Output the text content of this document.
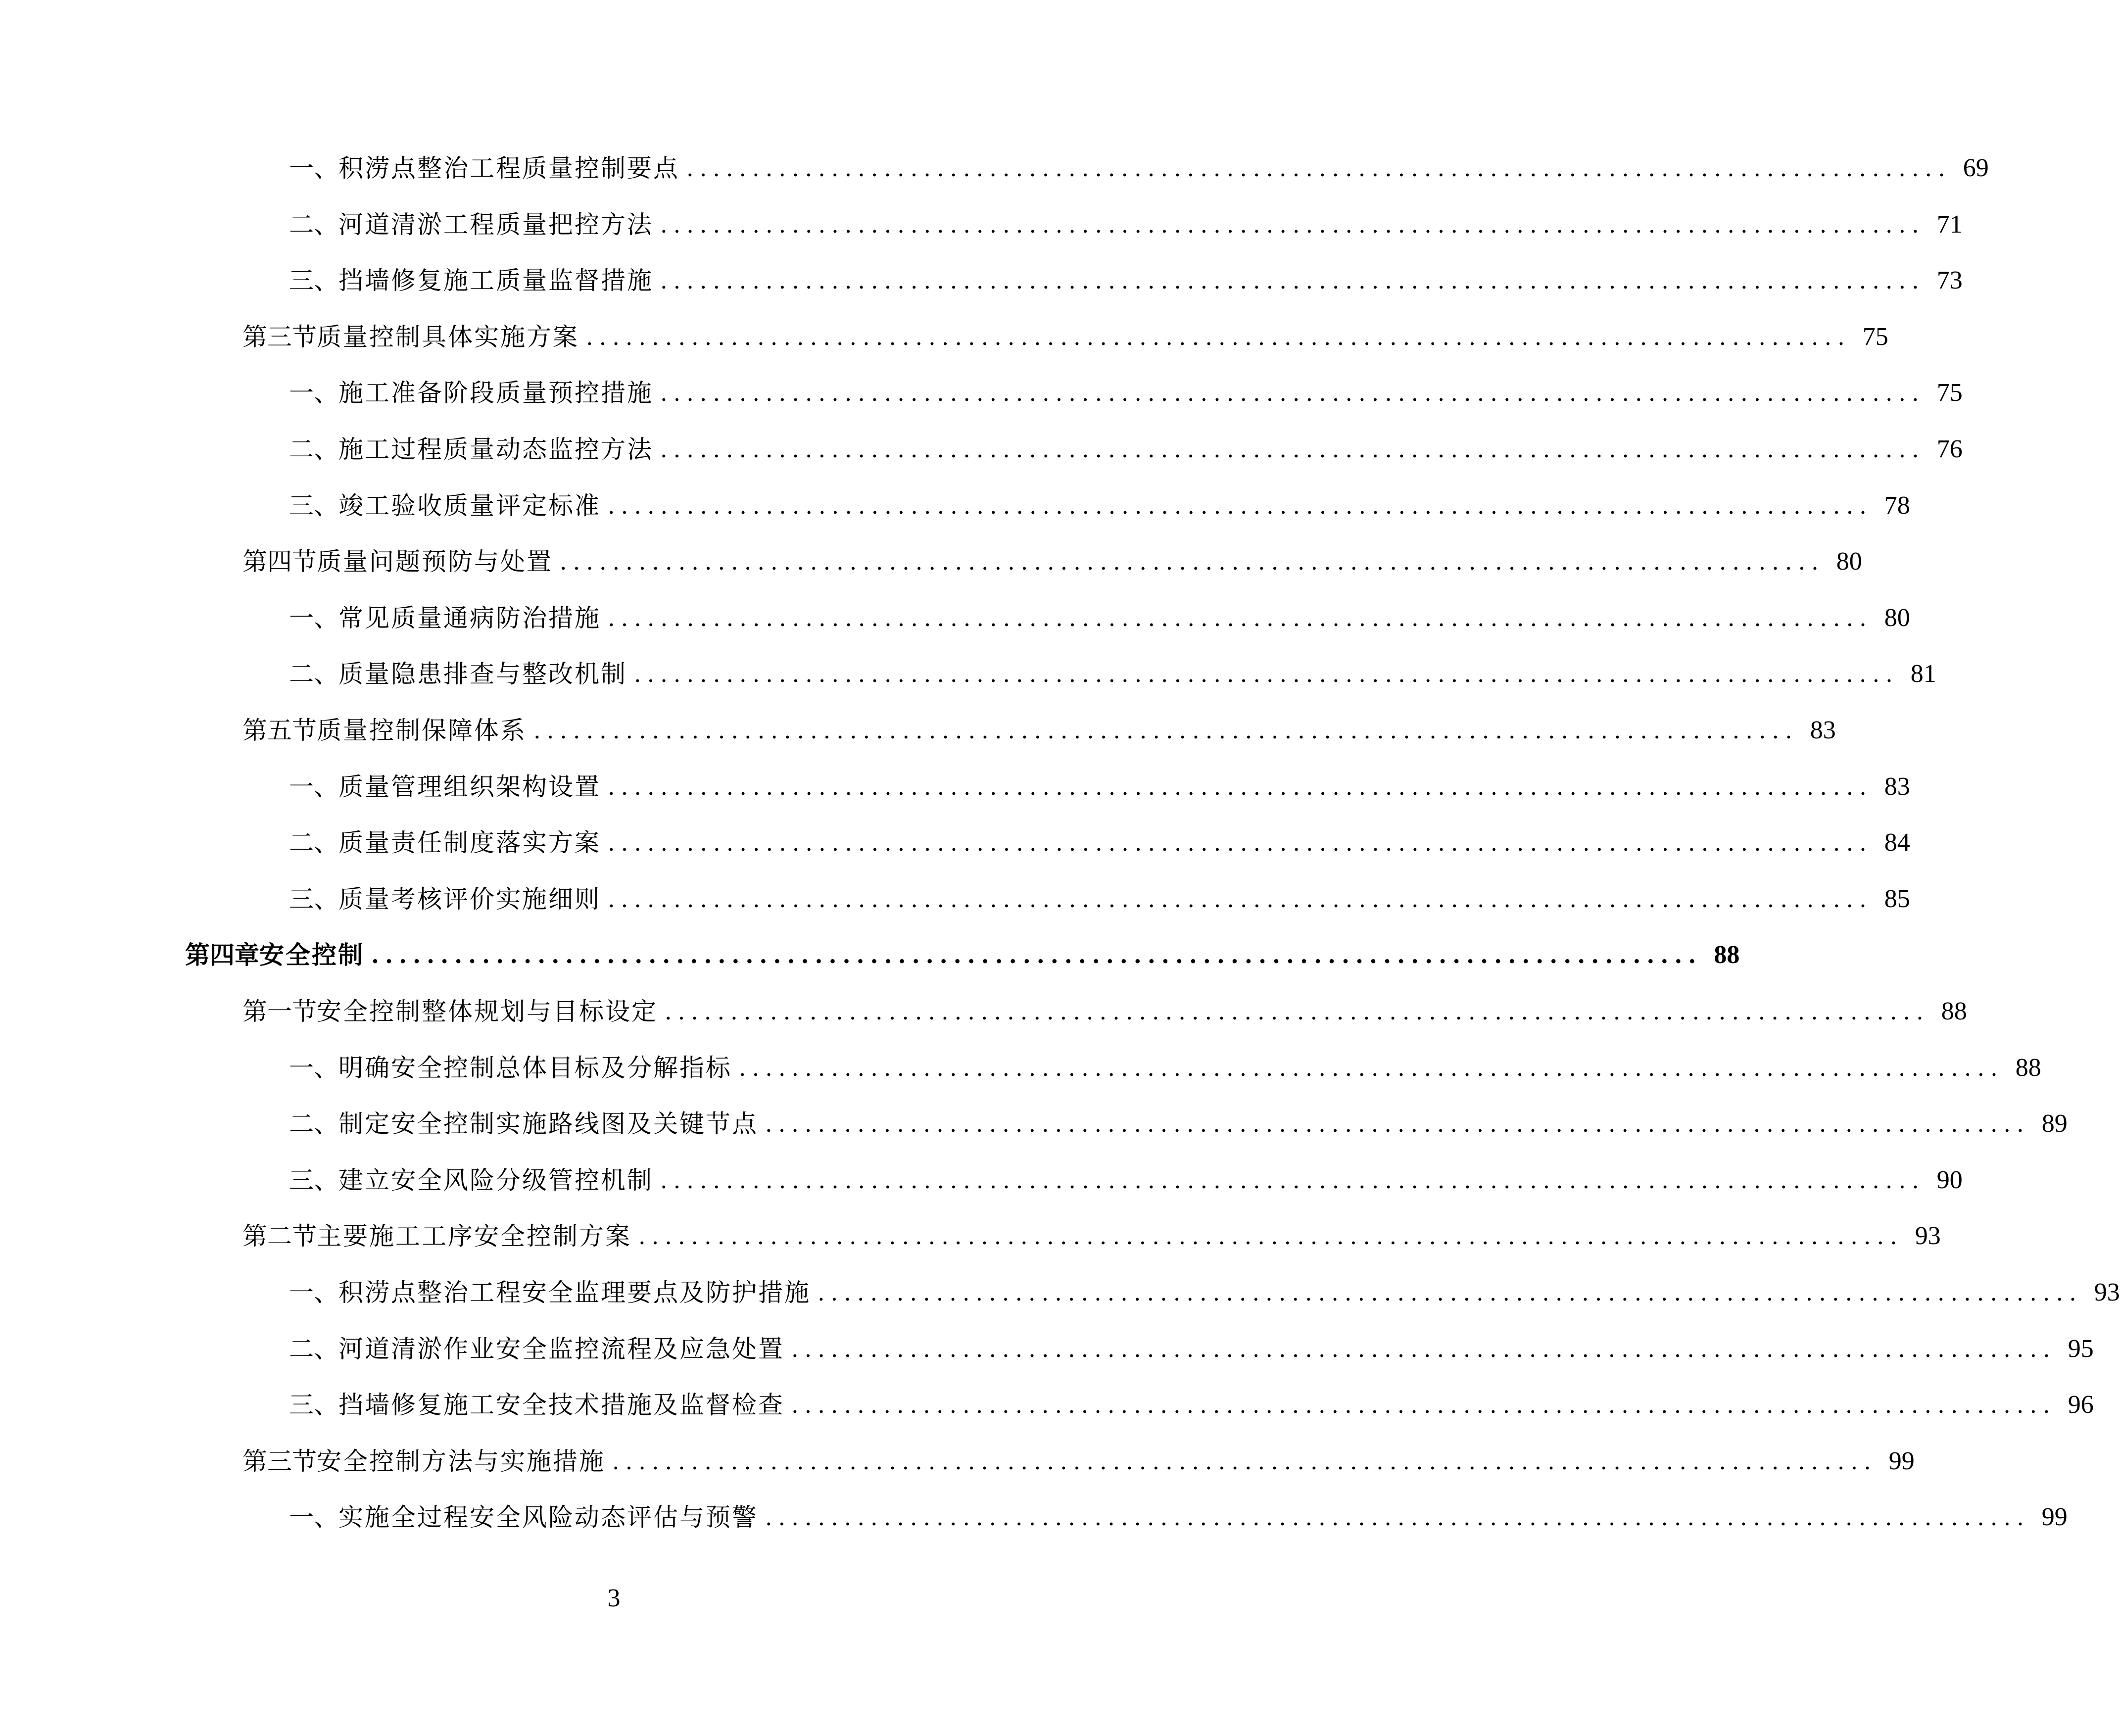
一、 积涝点整治工程质量控制要点 ................................................................................................ 69
二、 河道清淤工程质量把控方法 ................................................................................................ 71
三、 挡墙修复施工质量监督措施 ................................................................................................ 73
第三节 质量控制具体实施方案 ................................................................................................ 75
一、 施工准备阶段质量预控措施 ................................................................................................ 75
二、 施工过程质量动态监控方法 ................................................................................................ 76
三、 竣工验收质量评定标准 ................................................................................................ 78
第四节 质量问题预防与处置 ................................................................................................ 80
一、 常见质量通病防治措施 ................................................................................................ 80
二、 质量隐患排查与整改机制 ................................................................................................ 81
第五节 质量控制保障体系 ................................................................................................ 83
一、 质量管理组织架构设置 ................................................................................................ 83
二、 质量责任制度落实方案 ................................................................................................ 84
三、 质量考核评价实施细则 ................................................................................................ 85
第四章 安全控制 ................................................................................................ 88
第一节 安全控制整体规划与目标设定 ................................................................................................ 88
一、 明确安全控制总体目标及分解指标 ................................................................................................ 88
二、 制定安全控制实施路线图及关键节点 ................................................................................................ 89
三、 建立安全风险分级管控机制 ................................................................................................ 90
第二节 主要施工工序安全控制方案 ................................................................................................ 93
一、 积涝点整治工程安全监理要点及防护措施 ................................................................................................ 93
二、 河道清淤作业安全监控流程及应急处置 ................................................................................................ 95
三、 挡墙修复施工安全技术措施及监督检查 ................................................................................................ 96
第三节 安全控制方法与实施措施 ................................................................................................ 99
一、 实施全过程安全风险动态评估与预警 ................................................................................................ 99
3
